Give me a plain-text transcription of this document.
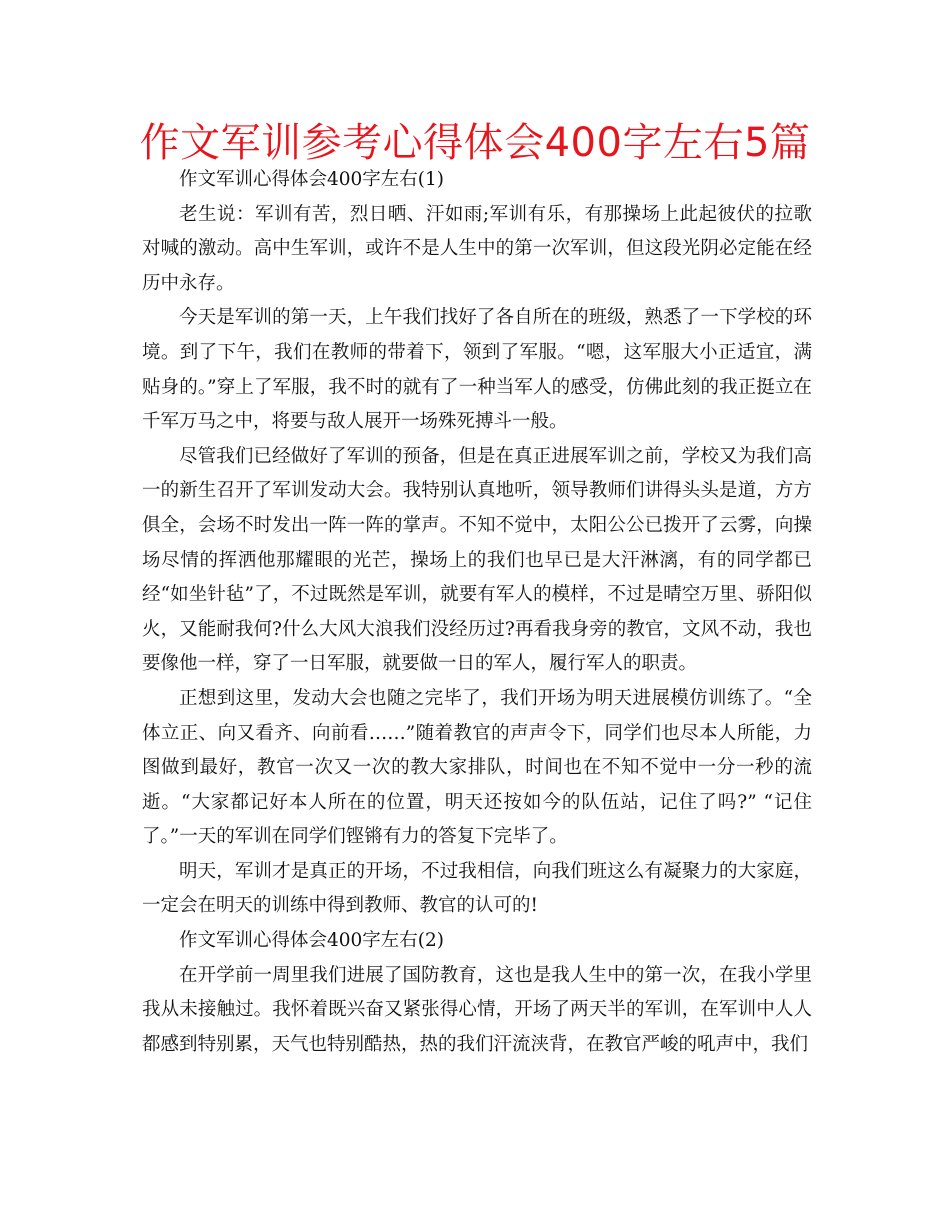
作文军训参考心得体会400字左右5篇

作文军训心得体会400字左右(1)

老生说：军训有苦，烈日晒、汗如雨;军训有乐，有那操场上此起彼伏的拉歌对喊的激动。高中生军训，或许不是人生中的第一次军训，但这段光阴必定能在经历中永存。

今天是军训的第一天，上午我们找好了各自所在的班级，熟悉了一下学校的环境。到了下午，我们在教师的带着下，领到了军服。“嗯，这军服大小正适宜，满贴身的。”穿上了军服，我不时的就有了一种当军人的感受，仿佛此刻的我正挺立在千军万马之中，将要与敌人展开一场殊死搏斗一般。

尽管我们已经做好了军训的预备，但是在真正进展军训之前，学校又为我们高一的新生召开了军训发动大会。我特别认真地听，领导教师们讲得头头是道，方方俱全，会场不时发出一阵一阵的掌声。不知不觉中，太阳公公已拨开了云雾，向操场尽情的挥洒他那耀眼的光芒，操场上的我们也早已是大汗淋漓，有的同学都已经“如坐针毡”了，不过既然是军训，就要有军人的模样，不过是晴空万里、骄阳似火，又能耐我何?什么大风大浪我们没经历过?再看我身旁的教官，文风不动，我也要像他一样，穿了一日军服，就要做一日的军人，履行军人的职责。

正想到这里，发动大会也随之完毕了，我们开场为明天进展模仿训练了。“全体立正、向又看齐、向前看……”随着教官的声声令下，同学们也尽本人所能，力图做到最好，教官一次又一次的教大家排队，时间也在不知不觉中一分一秒的流逝。“大家都记好本人所在的位置，明天还按如今的队伍站，记住了吗?” “记住了。”一天的军训在同学们铿锵有力的答复下完毕了。

明天，军训才是真正的开场，不过我相信，向我们班这么有凝聚力的大家庭，一定会在明天的训练中得到教师、教官的认可的!

作文军训心得体会400字左右(2)

在开学前一周里我们进展了国防教育，这也是我人生中的第一次，在我小学里我从未接触过。我怀着既兴奋又紧张得心情，开场了两天半的军训，在军训中人人都感到特别累，天气也特别酷热，热的我们汗流浃背，在教官严峻的吼声中，我们
